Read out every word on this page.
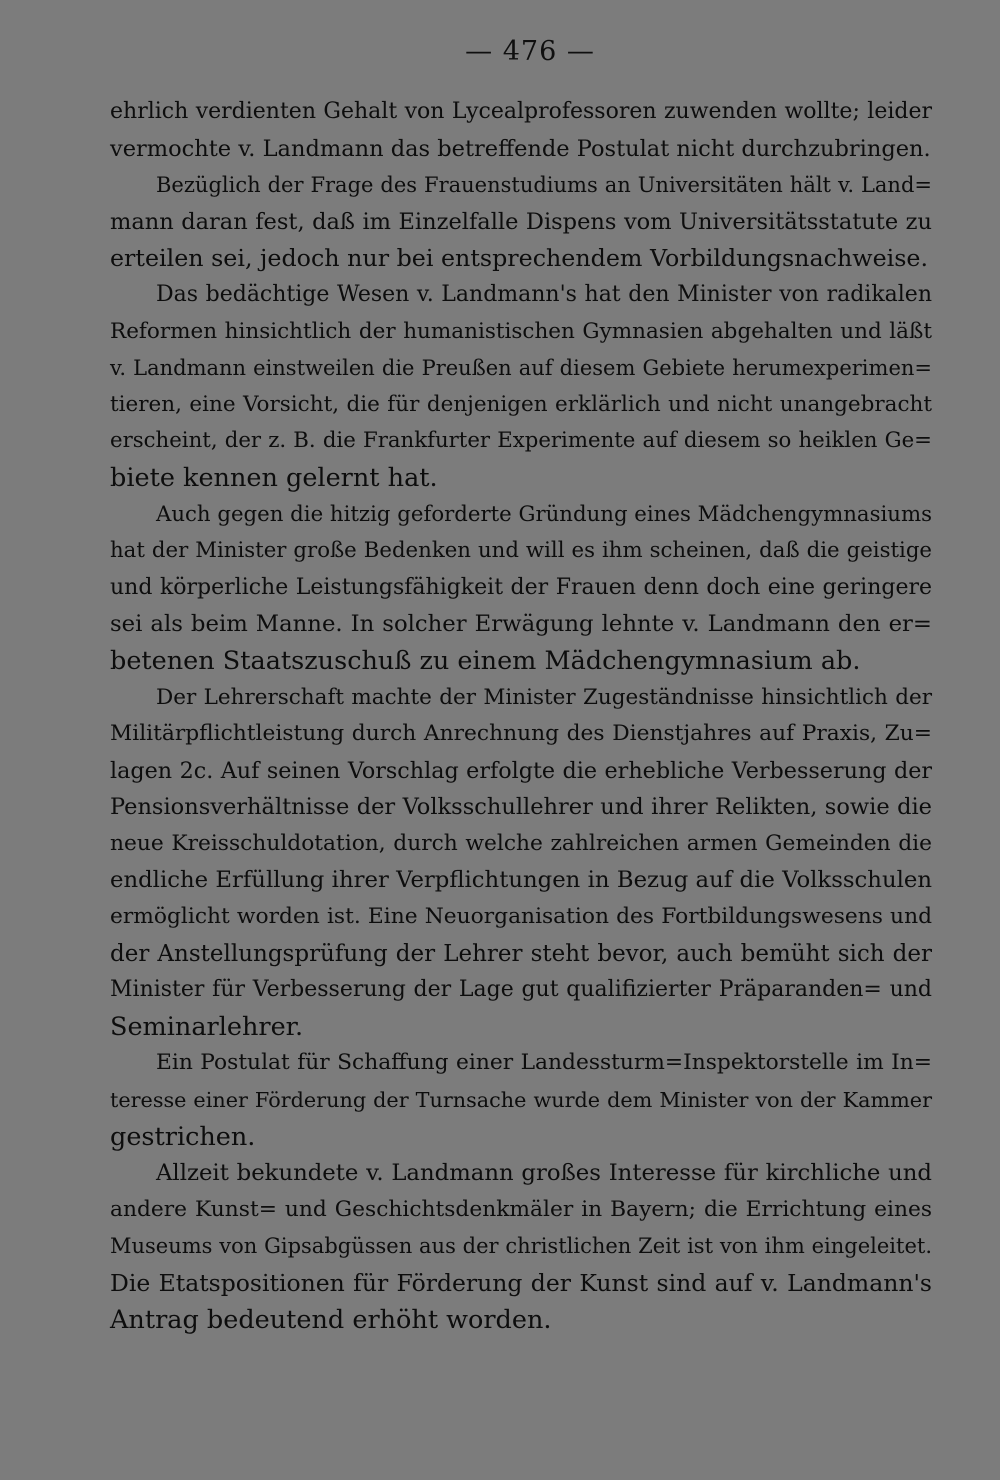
— 476 —

ehrlich verdienten Gehalt von Lycealprofessoren zuwenden wollte; leider
vermochte v. Landmann das betreffende Postulat nicht durchzubringen.

Bezüglich der Frage des Frauenstudiums an Universitäten hält v. Land=
mann daran fest, daß im Einzelfalle Dispens vom Universitätsstatute zu
erteilen sei, jedoch nur bei entsprechendem Vorbildungsnachweise.

Das bedächtige Wesen v. Landmann's hat den Minister von radikalen
Reformen hinsichtlich der humanistischen Gymnasien abgehalten und läßt
v. Landmann einstweilen die Preußen auf diesem Gebiete herumexperimen=
tieren, eine Vorsicht, die für denjenigen erklärlich und nicht unangebracht
erscheint, der z. B. die Frankfurter Experimente auf diesem so heiklen Ge=
biete kennen gelernt hat.

Auch gegen die hitzig geforderte Gründung eines Mädchengymnasiums
hat der Minister große Bedenken und will es ihm scheinen, daß die geistige
und körperliche Leistungsfähigkeit der Frauen denn doch eine geringere
sei als beim Manne. In solcher Erwägung lehnte v. Landmann den er=
betenen Staatszuschuß zu einem Mädchengymnasium ab.

Der Lehrerschaft machte der Minister Zugeständnisse hinsichtlich der
Militärpflichtleistung durch Anrechnung des Dienstjahres auf Praxis, Zu=
lagen 2c. Auf seinen Vorschlag erfolgte die erhebliche Verbesserung der
Pensionsverhältnisse der Volksschullehrer und ihrer Relikten, sowie die
neue Kreisschuldotation, durch welche zahlreichen armen Gemeinden die
endliche Erfüllung ihrer Verpflichtungen in Bezug auf die Volksschulen
ermöglicht worden ist. Eine Neuorganisation des Fortbildungswesens und
der Anstellungsprüfung der Lehrer steht bevor, auch bemüht sich der
Minister für Verbesserung der Lage gut qualifizierter Präparanden= und
Seminarlehrer.

Ein Postulat für Schaffung einer Landessturm=Inspektorstelle im In=
teresse einer Förderung der Turnsache wurde dem Minister von der Kammer
gestrichen.

Allzeit bekundete v. Landmann großes Interesse für kirchliche und
andere Kunst= und Geschichtsdenkmäler in Bayern; die Errichtung eines
Museums von Gipsabgüssen aus der christlichen Zeit ist von ihm eingeleitet.
Die Etatspositionen für Förderung der Kunst sind auf v. Landmann's
Antrag bedeutend erhöht worden.
